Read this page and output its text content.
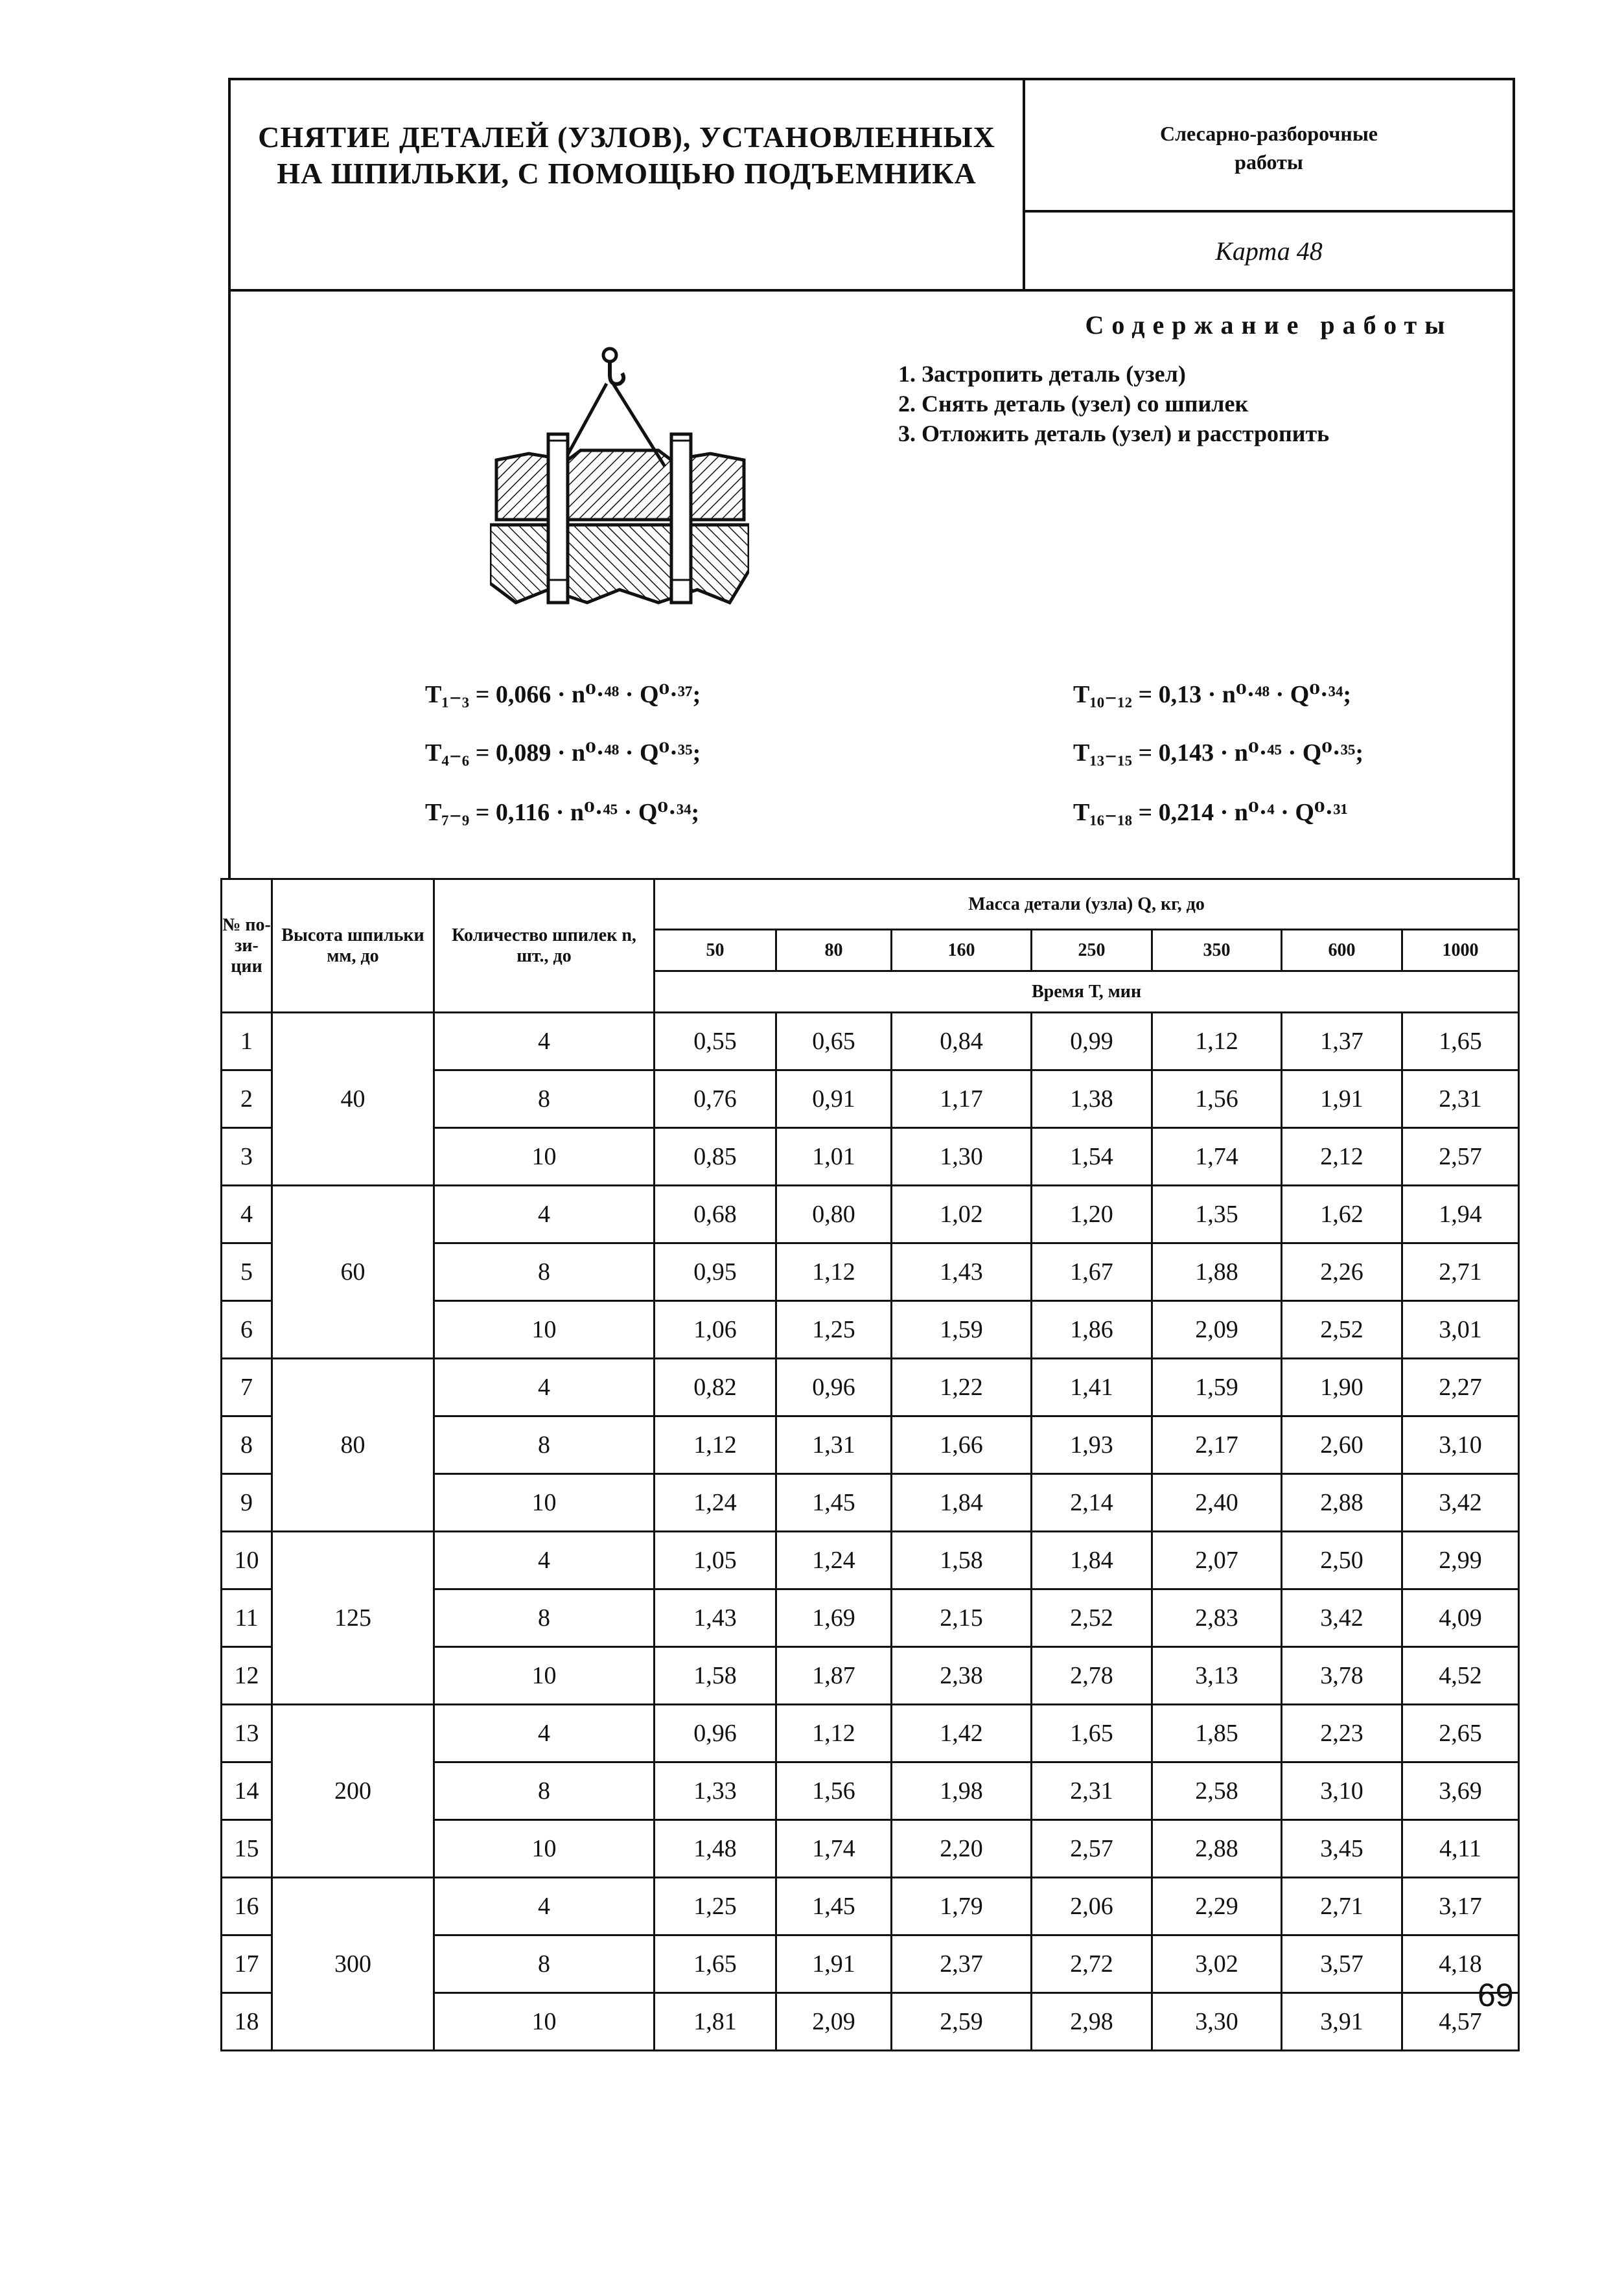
СНЯТИЕ ДЕТАЛЕЙ (УЗЛОВ), УСТАНОВЛЕННЫХ
НА ШПИЛЬКИ, С ПОМОЩЬЮ ПОДЪЕМНИКА
Слесарно-разборочные
работы
Карта 48
Содержание работы
1. Застропить деталь (узел)
2. Снять деталь (узел) со шпилек
3. Отложить деталь (узел) и расстропить
T₁₋₃ = 0,066 · n⁰·⁴⁸ · Q⁰·³⁷;
T₄₋₆ = 0,089 · n⁰·⁴⁸ · Q⁰·³⁵;
T₇₋₉ = 0,116 · n⁰·⁴⁵ · Q⁰·³⁴;
T₁₀₋₁₂ = 0,13 · n⁰·⁴⁸ · Q⁰·³⁴;
T₁₃₋₁₅ = 0,143 · n⁰·⁴⁵ · Q⁰·³⁵;
T₁₆₋₁₈ = 0,214 · n⁰·⁴ · Q⁰·³¹
№ по-зи-ции	Высота шпильки мм, до	Количество шпилек n, шт., до	Масса детали (узла) Q, кг, до						
			50	80	160	250	350	600	1000
			Время Т, мин						
1	40	4	0,55	0,65	0,84	0,99	1,12	1,37	1,65
2		8	0,76	0,91	1,17	1,38	1,56	1,91	2,31
3		10	0,85	1,01	1,30	1,54	1,74	2,12	2,57
4	60	4	0,68	0,80	1,02	1,20	1,35	1,62	1,94
5		8	0,95	1,12	1,43	1,67	1,88	2,26	2,71
6		10	1,06	1,25	1,59	1,86	2,09	2,52	3,01
7	80	4	0,82	0,96	1,22	1,41	1,59	1,90	2,27
8		8	1,12	1,31	1,66	1,93	2,17	2,60	3,10
9		10	1,24	1,45	1,84	2,14	2,40	2,88	3,42
10	125	4	1,05	1,24	1,58	1,84	2,07	2,50	2,99
11		8	1,43	1,69	2,15	2,52	2,83	3,42	4,09
12		10	1,58	1,87	2,38	2,78	3,13	3,78	4,52
13	200	4	0,96	1,12	1,42	1,65	1,85	2,23	2,65
14		8	1,33	1,56	1,98	2,31	2,58	3,10	3,69
15		10	1,48	1,74	2,20	2,57	2,88	3,45	4,11
16	300	4	1,25	1,45	1,79	2,06	2,29	2,71	3,17
17		8	1,65	1,91	2,37	2,72	3,02	3,57	4,18
18		10	1,81	2,09	2,59	2,98	3,30	3,91	4,57
69
